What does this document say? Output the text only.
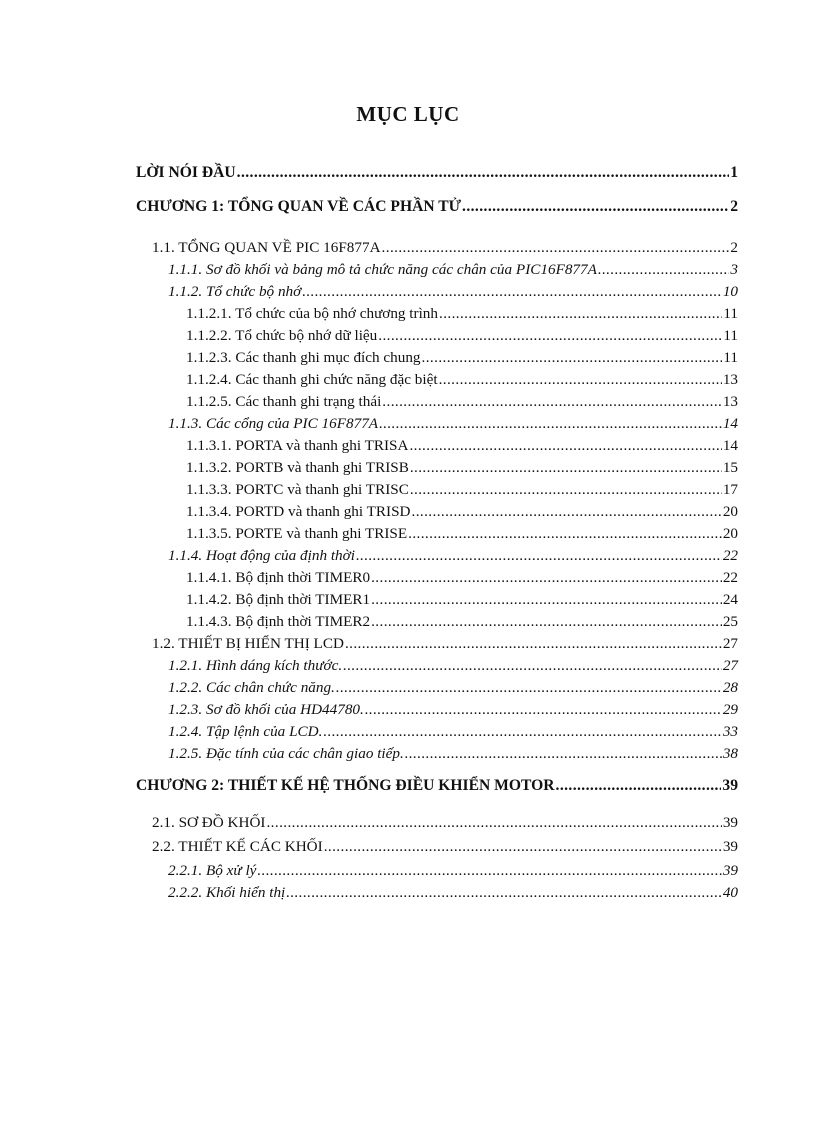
MỤC LỤC
LỜI NÓI ĐẦU .....	1
CHƯƠNG 1: TỔNG QUAN VỀ CÁC PHẦN TỬ .....	2
1.1. TỔNG QUAN VỀ PIC 16F877A .....	2
1.1.1. Sơ đồ khối và bảng mô tả chức năng các chân của PIC16F877A .....	3
1.1.2. Tổ chức bộ nhớ .....	10
1.1.2.1. Tổ chức của bộ nhớ chương trình .....	11
1.1.2.2. Tổ chức bộ nhớ dữ liệu .....	11
1.1.2.3. Các thanh ghi mục đích chung .....	11
1.1.2.4. Các thanh ghi chức năng đặc biệt .....	13
1.1.2.5. Các thanh ghi trạng thái .....	13
1.1.3. Các cổng của PIC 16F877A .....	14
1.1.3.1. PORTA và thanh ghi TRISA .....	14
1.1.3.2. PORTB và thanh ghi TRISB .....	15
1.1.3.3. PORTC và thanh ghi TRISC .....	17
1.1.3.4. PORTD và thanh ghi TRISD .....	20
1.1.3.5. PORTE và thanh ghi TRISE .....	20
1.1.4. Hoạt động của định thời .....	22
1.1.4.1. Bộ định thời TIMER0 .....	22
1.1.4.2. Bộ định thời TIMER1 .....	24
1.1.4.3. Bộ định thời TIMER2 .....	25
1.2. THIẾT BỊ HIỂN THỊ LCD .....	27
1.2.1. Hình dáng kích thước. .....	27
1.2.2. Các chân chức năng. .....	28
1.2.3. Sơ đồ khối của HD44780. .....	29
1.2.4. Tập lệnh của LCD. .....	33
1.2.5. Đặc tính của các chân giao tiếp. .....	38
CHƯƠNG 2: THIẾT KẾ HỆ THỐNG ĐIỀU KHIỂN MOTOR .....	39
2.1. SƠ ĐỒ KHỐI .....	39
2.2. THIẾT KẾ CÁC KHỐI .....	39
2.2.1. Bộ xử lý .....	39
2.2.2. Khối hiển thị .....	40
